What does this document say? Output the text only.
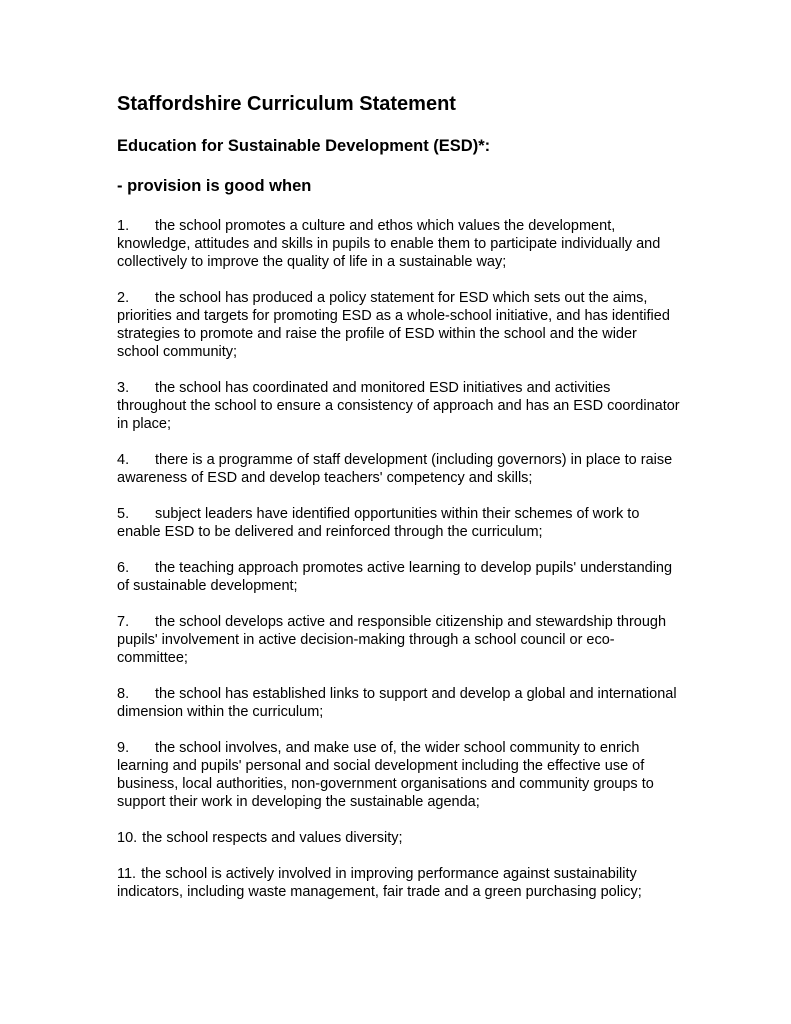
Staffordshire Curriculum Statement
Education for Sustainable Development (ESD)*:
- provision is good when

1. the school promotes a culture and ethos which values the development, knowledge, attitudes and skills in pupils to enable them to participate individually and collectively to improve the quality of life in a sustainable way;

2. the school has produced a policy statement for ESD which sets out the aims, priorities and targets for promoting ESD as a whole-school initiative, and has identified strategies to promote and raise the profile of ESD within the school and the wider school community;

3. the school has coordinated and monitored ESD initiatives and activities throughout the school to ensure a consistency of approach and has an ESD coordinator in place;

4. there is a programme of staff development (including governors) in place to raise awareness of ESD and develop teachers' competency and skills;

5. subject leaders have identified opportunities within their schemes of work to enable ESD to be delivered and reinforced through the curriculum;

6. the teaching approach promotes active learning to develop pupils' understanding of sustainable development;

7. the school develops active and responsible citizenship and stewardship through pupils' involvement in active decision-making through a school council or eco-committee;

8. the school has established links to support and develop a global and international dimension within the curriculum;

9. the school involves, and make use of, the wider school community to enrich learning and pupils' personal and social development including the effective use of business, local authorities, non-government organisations and community groups to support their work in developing the sustainable agenda;

10. the school respects and values diversity;

11. the school is actively involved in improving performance against sustainability indicators, including waste management, fair trade and a green purchasing policy;
